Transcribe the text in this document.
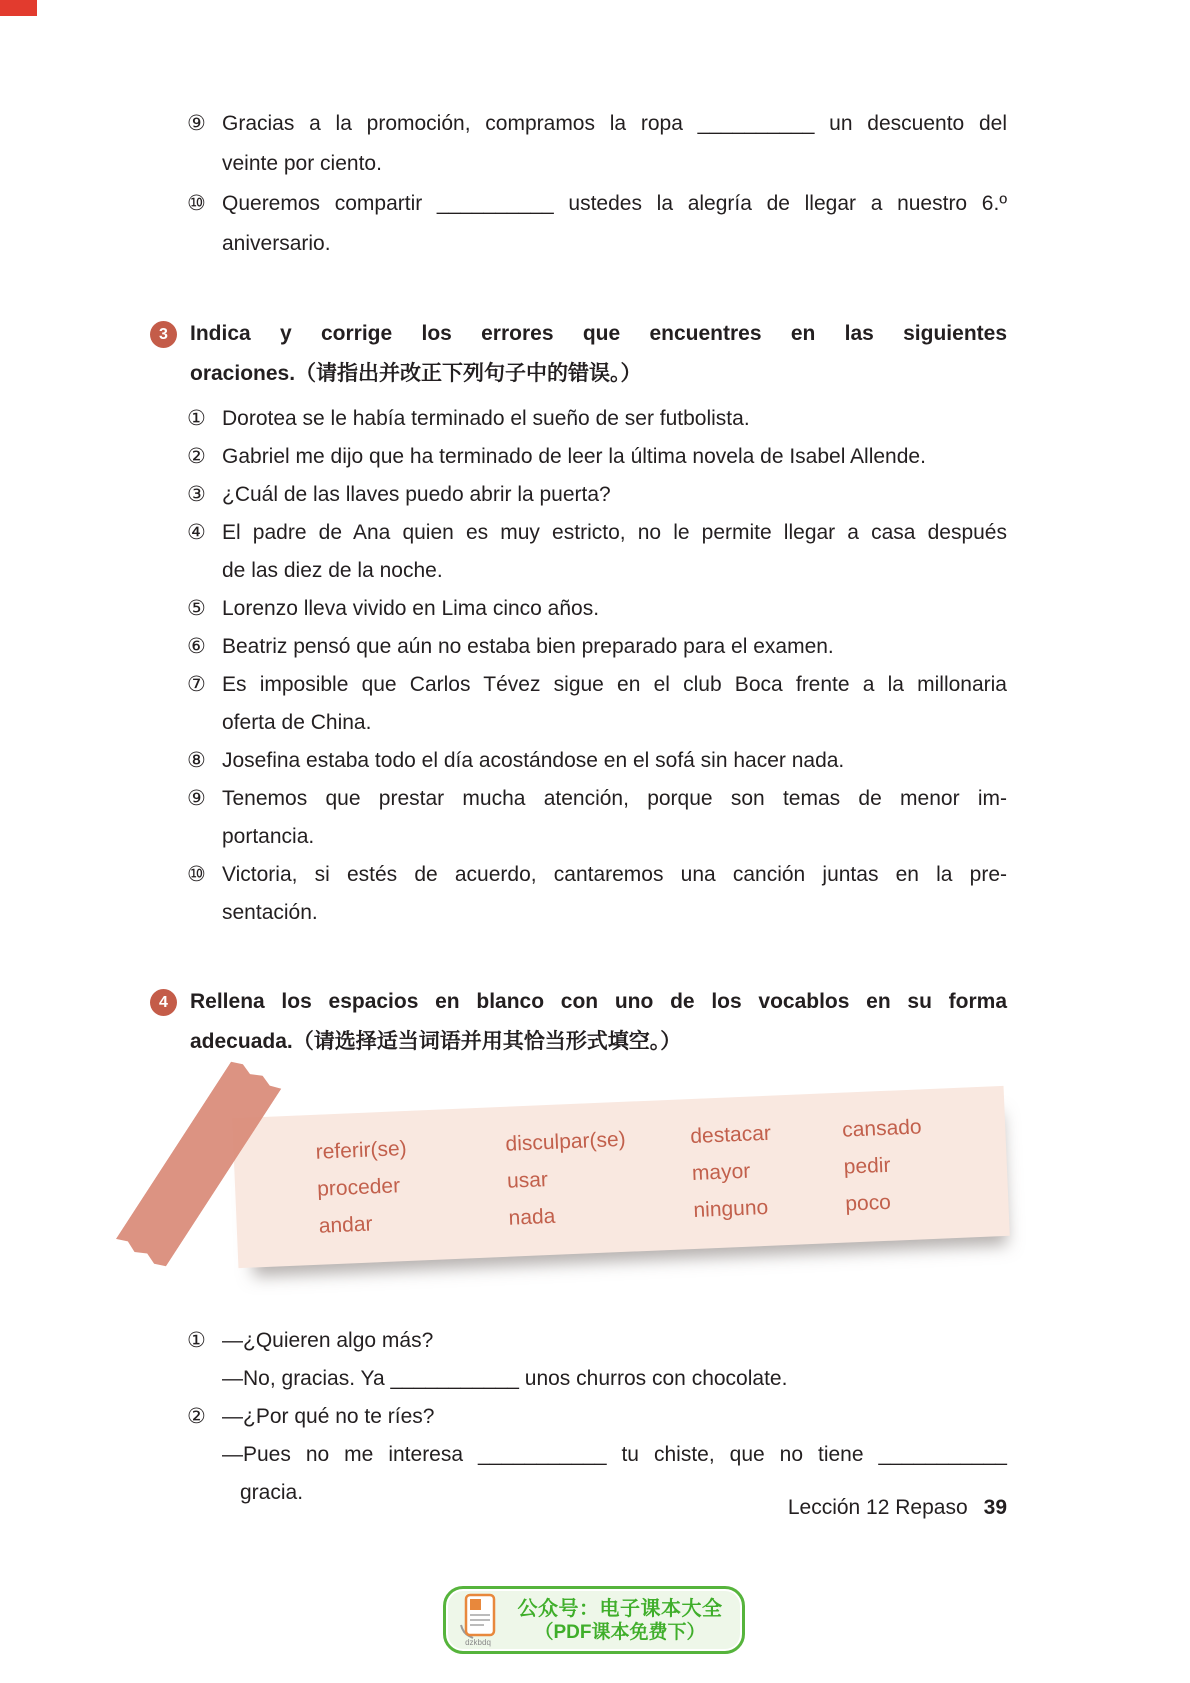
⑨ Gracias a la promoción, compramos la ropa __________ un descuento del
veinte por ciento.
⑩ Queremos compartir __________ ustedes la alegría de llegar a nuestro 6.º
aniversario.
3	Indica y corrige los errores que encuentres en las siguientes
oraciones.（请指出并改正下列句子中的错误。）
① Dorotea se le había terminado el sueño de ser futbolista.
② Gabriel me dijo que ha terminado de leer la última novela de Isabel Allende.
③ ¿Cuál de las llaves puedo abrir la puerta?
④ El padre de Ana quien es muy estricto, no le permite llegar a casa después
de las diez de la noche.
⑤ Lorenzo lleva vivido en Lima cinco años.
⑥ Beatriz pensó que aún no estaba bien preparado para el examen.
⑦ Es imposible que Carlos Tévez sigue en el club Boca frente a la millonaria
oferta de China.
⑧ Josefina estaba todo el día acostándose en el sofá sin hacer nada.
⑨ Tenemos que prestar mucha atención, porque son temas de menor im-
portancia.
⑩ Victoria, si estés de acuerdo, cantaremos una canción juntas en la pre-
sentación.
4	Rellena los espacios en blanco con uno de los vocablos en su forma
adecuada.（请选择适当词语并用其恰当形式填空。）
referir(se)	disculpar(se)	destacar	cansado
proceder	usar	mayor	pedir
andar	nada	ninguno	poco
① —¿Quieren algo más?
—No, gracias. Ya ___________ unos churros con chocolate.
② —¿Por qué no te ríes?
—Pues no me interesa ___________ tu chiste, que no tiene ___________
gracia.
Lección 12 Repaso 39
dzkbdq
公众号：电子课本大全
（PDF课本免费下）
